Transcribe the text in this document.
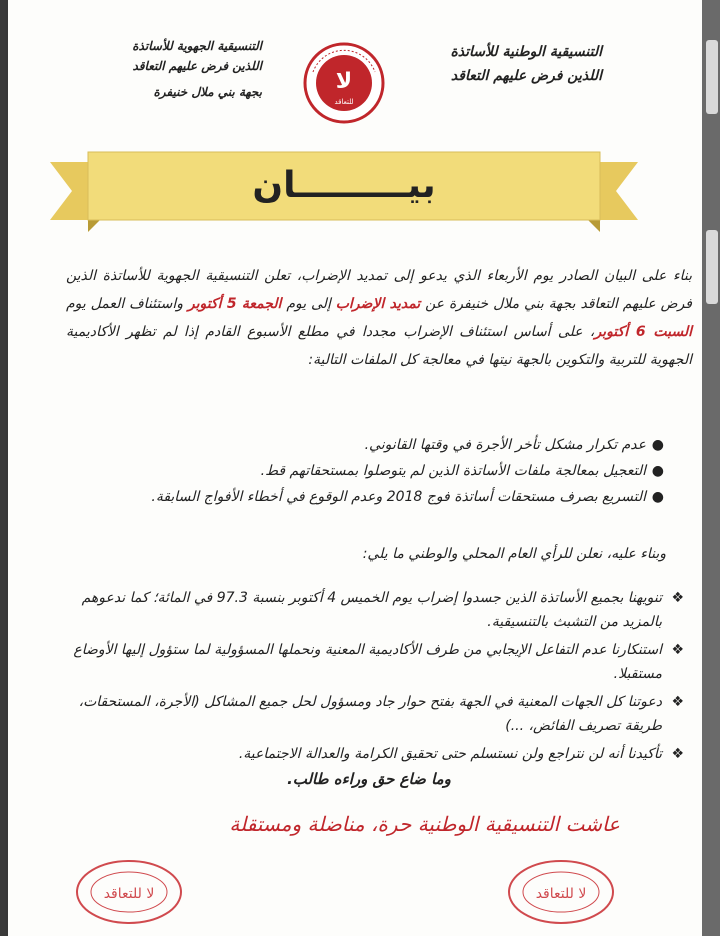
التنسيقية الوطنية للأساتذة
اللذين فرض عليهم التعاقد
التنسيقية الجهوية للأساتذة
اللذين فرض عليهم التعاقد
بجهة بني ملال خنيفرة	لا
للتعاقد
بيـــــــــان
بناء على البيان الصادر يوم الأربعاء الذي يدعو إلى تمديد الإضراب، تعلن التنسيقية الجهوية للأساتذة الذين فرض عليهم التعاقد بجهة بني ملال خنيفرة عن تمديد الإضراب إلى يوم الجمعة 5 أكتوبر واستئناف العمل يوم السبت 6 أكتوبر، على أساس استئناف الإضراب مجددا في مطلع الأسبوع القادم إذا لم تظهر الأكاديمية الجهوية للتربية والتكوين بالجهة نيتها في معالجة كل الملفات التالية:
●
عدم تكرار مشكل تأخر الأجرة في وقتها القانوني.
●
التعجيل بمعالجة ملفات الأساتذة الذين لم يتوصلوا بمستحقاتهم قط.
●
التسريع بصرف مستحقات أساتذة فوج 2018 وعدم الوقوع في أخطاء الأفواج السابقة.
وبناء عليه، نعلن للرأي العام المحلي والوطني ما يلي:
❖
تنويهنا بجميع الأساتذة الذين جسدوا إضراب يوم الخميس 4 أكتوبر بنسبة 97.3 في المائة؛ كما ندعوهم بالمزيد من التشبث بالتنسيقية.
❖
استنكارنا عدم التفاعل الإيجابي من طرف الأكاديمية المعنية ونحملها المسؤولية لما ستؤول إليها الأوضاع مستقبلا.
❖
دعوتنا كل الجهات المعنية في الجهة بفتح حوار جاد ومسؤول لحل جميع المشاكل (الأجرة، المستحقات، طريقة تصريف الفائض، ...)
❖
تأكيدنا أنه لن نتراجع ولن نستسلم حتى تحقيق الكرامة والعدالة الاجتماعية.
وما ضاع حق وراءه طالب.
عاشت التنسيقية الوطنية حرة، مناضلة ومستقلة
لا للتعاقد	لا للتعاقد
